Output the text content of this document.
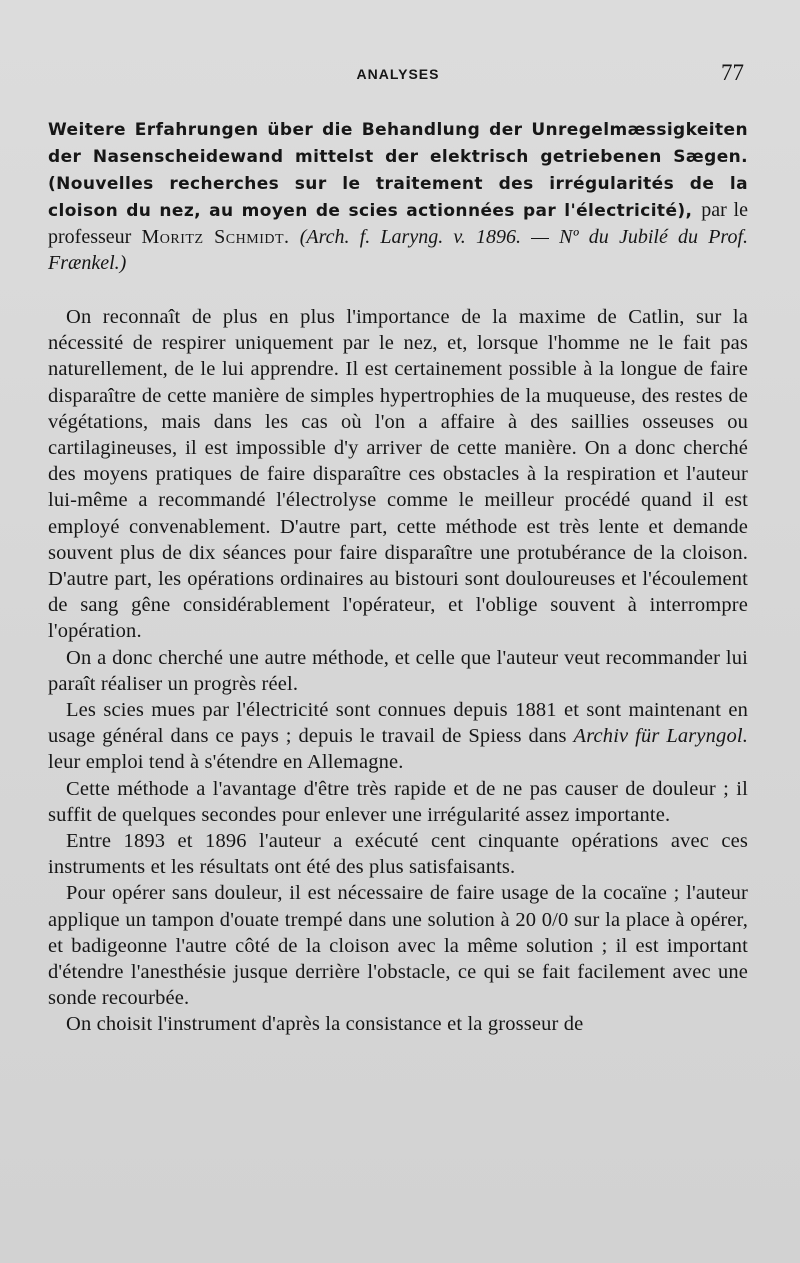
ANALYSES	77
Weitere Erfahrungen über die Behandlung der Unregelmæssigkeiten der Nasenscheidewand mittelst der elektrisch getriebenen Sægen. (Nouvelles recherches sur le traitement des irrégularités de la cloison du nez, au moyen de scies actionnées par l'électricité), par le professeur Moritz Schmidt. (Arch. f. Laryng. v. 1896. — Nº du Jubilé du Prof. Frænkel.)

On reconnaît de plus en plus l'importance de la maxime de Catlin, sur la nécessité de respirer uniquement par le nez, et, lorsque l'homme ne le fait pas naturellement, de le lui apprendre. Il est certainement possible à la longue de faire disparaître de cette manière de simples hypertrophies de la muqueuse, des restes de végétations, mais dans les cas où l'on a affaire à des saillies osseuses ou cartilagineuses, il est impossible d'y arriver de cette manière. On a donc cherché des moyens pratiques de faire disparaître ces obstacles à la respiration et l'auteur lui-même a recommandé l'électrolyse comme le meilleur procédé quand il est employé convenablement. D'autre part, cette méthode est très lente et demande souvent plus de dix séances pour faire disparaître une protubérance de la cloison. D'autre part, les opérations ordinaires au bistouri sont douloureuses et l'écoulement de sang gêne considérablement l'opérateur, et l'oblige souvent à interrompre l'opération.

On a donc cherché une autre méthode, et celle que l'auteur veut recommander lui paraît réaliser un progrès réel.

Les scies mues par l'électricité sont connues depuis 1881 et sont maintenant en usage général dans ce pays ; depuis le travail de Spiess dans Archiv für Laryngol. leur emploi tend à s'étendre en Allemagne.

Cette méthode a l'avantage d'être très rapide et de ne pas causer de douleur ; il suffit de quelques secondes pour enlever une irrégularité assez importante.

Entre 1893 et 1896 l'auteur a exécuté cent cinquante opérations avec ces instruments et les résultats ont été des plus satisfaisants.

Pour opérer sans douleur, il est nécessaire de faire usage de la cocaïne ; l'auteur applique un tampon d'ouate trempé dans une solution à 20 0/0 sur la place à opérer, et badigeonne l'autre côté de la cloison avec la même solution ; il est important d'étendre l'anesthésie jusque derrière l'obstacle, ce qui se fait facilement avec une sonde recourbée.

On choisit l'instrument d'après la consistance et la grosseur de
